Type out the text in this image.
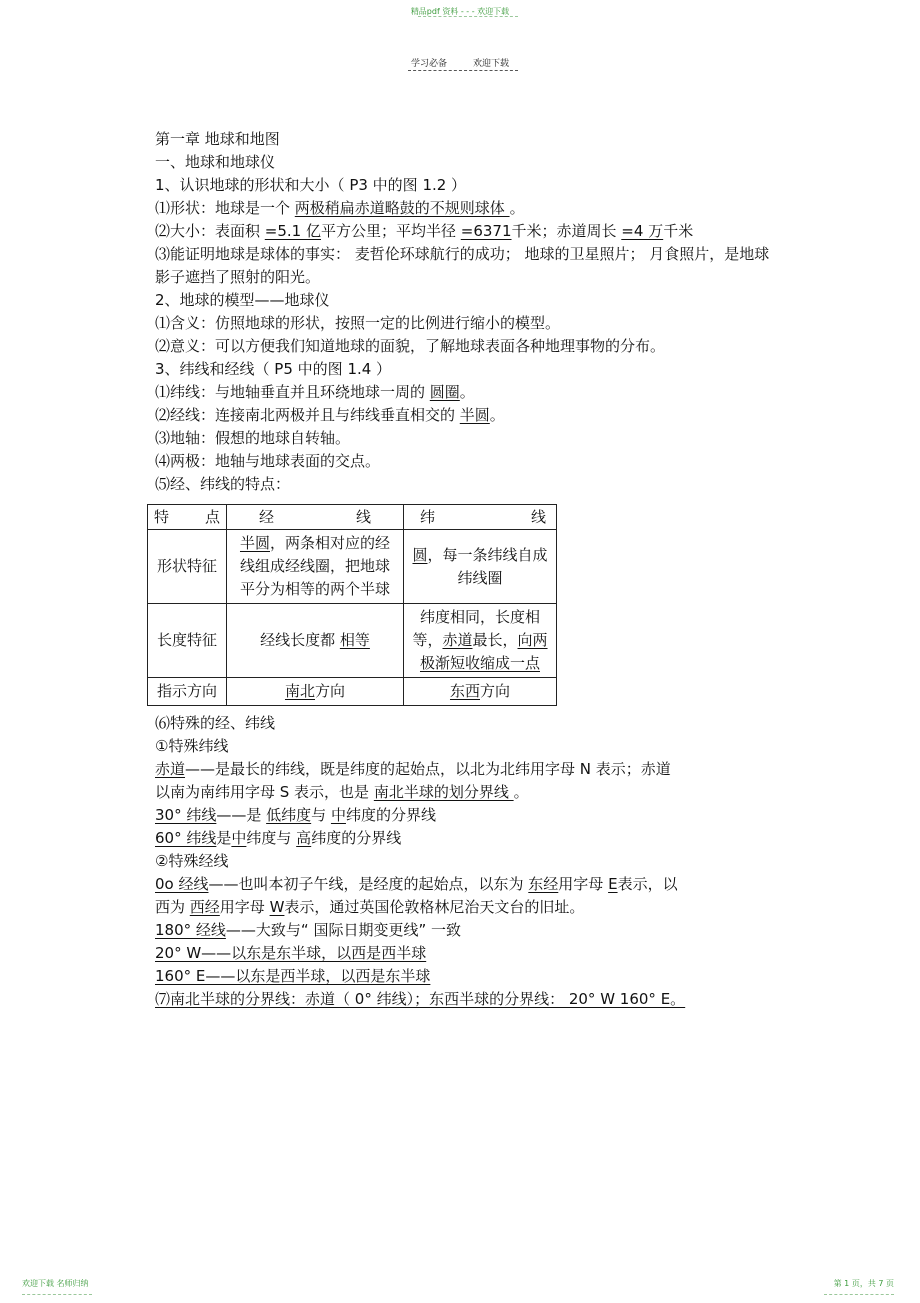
精品pdf 资料 - - - 欢迎下载
学习必备	欢迎下载
第一章 地球和地图
一、地球和地球仪
1、认识地球的形状和大小（ P3 中的图 1.2 ）
⑴形状：地球是一个 两极稍扁赤道略鼓的不规则球体 。
⑵大小：表面积 =5.1 亿平方公里；平均半径 =6371千米；赤道周长 =4 万千米
⑶能证明地球是球体的事实： 麦哲伦环球航行的成功； 地球的卫星照片； 月食照片，是地球影子遮挡了照射的阳光。
2、地球的模型——地球仪
⑴含义：仿照地球的形状，按照一定的比例进行缩小的模型。
⑵意义：可以方便我们知道地球的面貌，了解地球表面各种地理事物的分布。
3、纬线和经线（ P5 中的图 1.4 ）
⑴纬线：与地轴垂直并且环绕地球一周的 圆圈。
⑵经线：连接南北两极并且与纬线垂直相交的 半圆。
⑶地轴：假想的地球自转轴。
⑷两极：地轴与地球表面的交点。
⑸经、纬线的特点：
特 点	经 线	纬 线

形状特征	半圆，两条相对应的经线组成经线圈，把地球平分为相等的两个半球	圆，每一条纬线自成纬线圈
长度特征	经线长度都 相等	纬度相同，长度相等，赤道最长，向两极渐短收缩成一点
指示方向	南北方向	东西方向
⑹特殊的经、纬线
①特殊纬线
赤道——是最长的纬线，既是纬度的起始点，以北为北纬用字母 N 表示；赤道
以南为南纬用字母 S 表示，也是 南北半球的划分界线 。
30° 纬线——是 低纬度与 中纬度的分界线
60° 纬线是中纬度与 高纬度的分界线
②特殊经线
0o 经线——也叫本初子午线，是经度的起始点，以东为 东经用字母 E表示，以
西为 西经用字母 W表示，通过英国伦敦格林尼治天文台的旧址。
180° 经线——大致与“ 国际日期变更线” 一致
20° W——以东是东半球，以西是西半球
160° E——以东是西半球，以西是东半球
⑺南北半球的分界线：赤道（ 0° 纬线）；东西半球的分界线： 20° W 160° E。
欢迎下载 名师归纳	第 1 页，共 7 页
